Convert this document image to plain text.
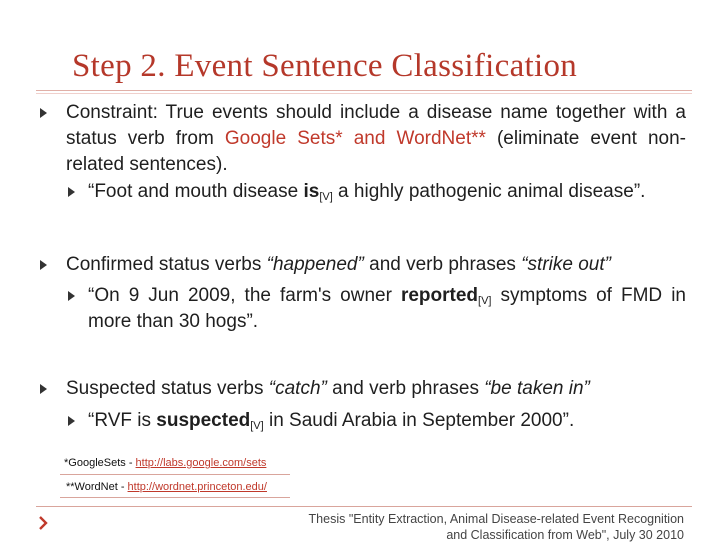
Step 2. Event Sentence Classification
Constraint: True events should include a disease name together with a status verb from Google Sets* and WordNet** (eliminate event non-related sentences).
“Foot and mouth disease $is_{[V]}$ a highly pathogenic animal disease”.
Confirmed status verbs “happened” and verb phrases “strike out”
“On 9 Jun 2009, the farm's owner reported$_{[V]}$ symptoms of FMD in more than 30 hogs”.
Suspected status verbs “catch” and verb phrases “be taken in”
“RVF is suspected$_{[V]}$ in Saudi Arabia in September 2000”.
*GoogleSets - http://labs.google.com/sets
**WordNet - http://wordnet.princeton.edu/
Thesis "Entity Extraction, Animal Disease-related Event Recognition
and Classification from Web", July 30 2010
